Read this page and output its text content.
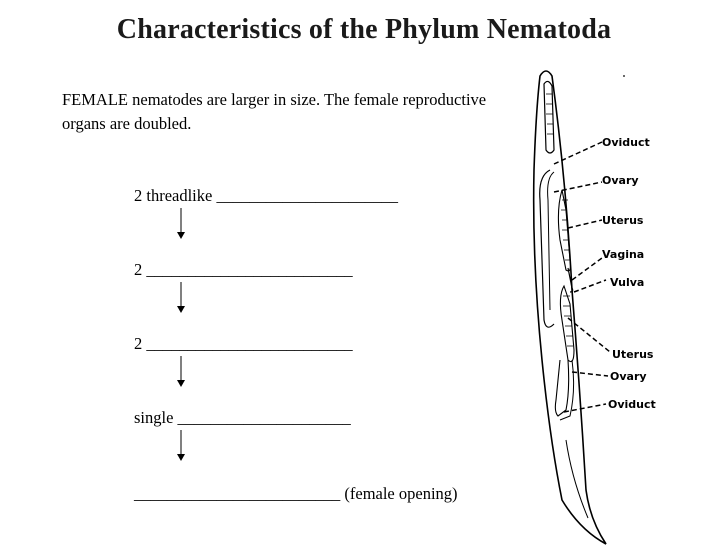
Characteristics of the Phylum Nematoda
FEMALE nematodes are larger in size. The female reproductive organs are doubled.
2 threadlike ______________________
2 _________________________
2 _________________________
single _____________________
_________________________ (female opening)
Oviduct
Ovary
Uterus
Vagina
Vulva
Uterus
Ovary
Oviduct
